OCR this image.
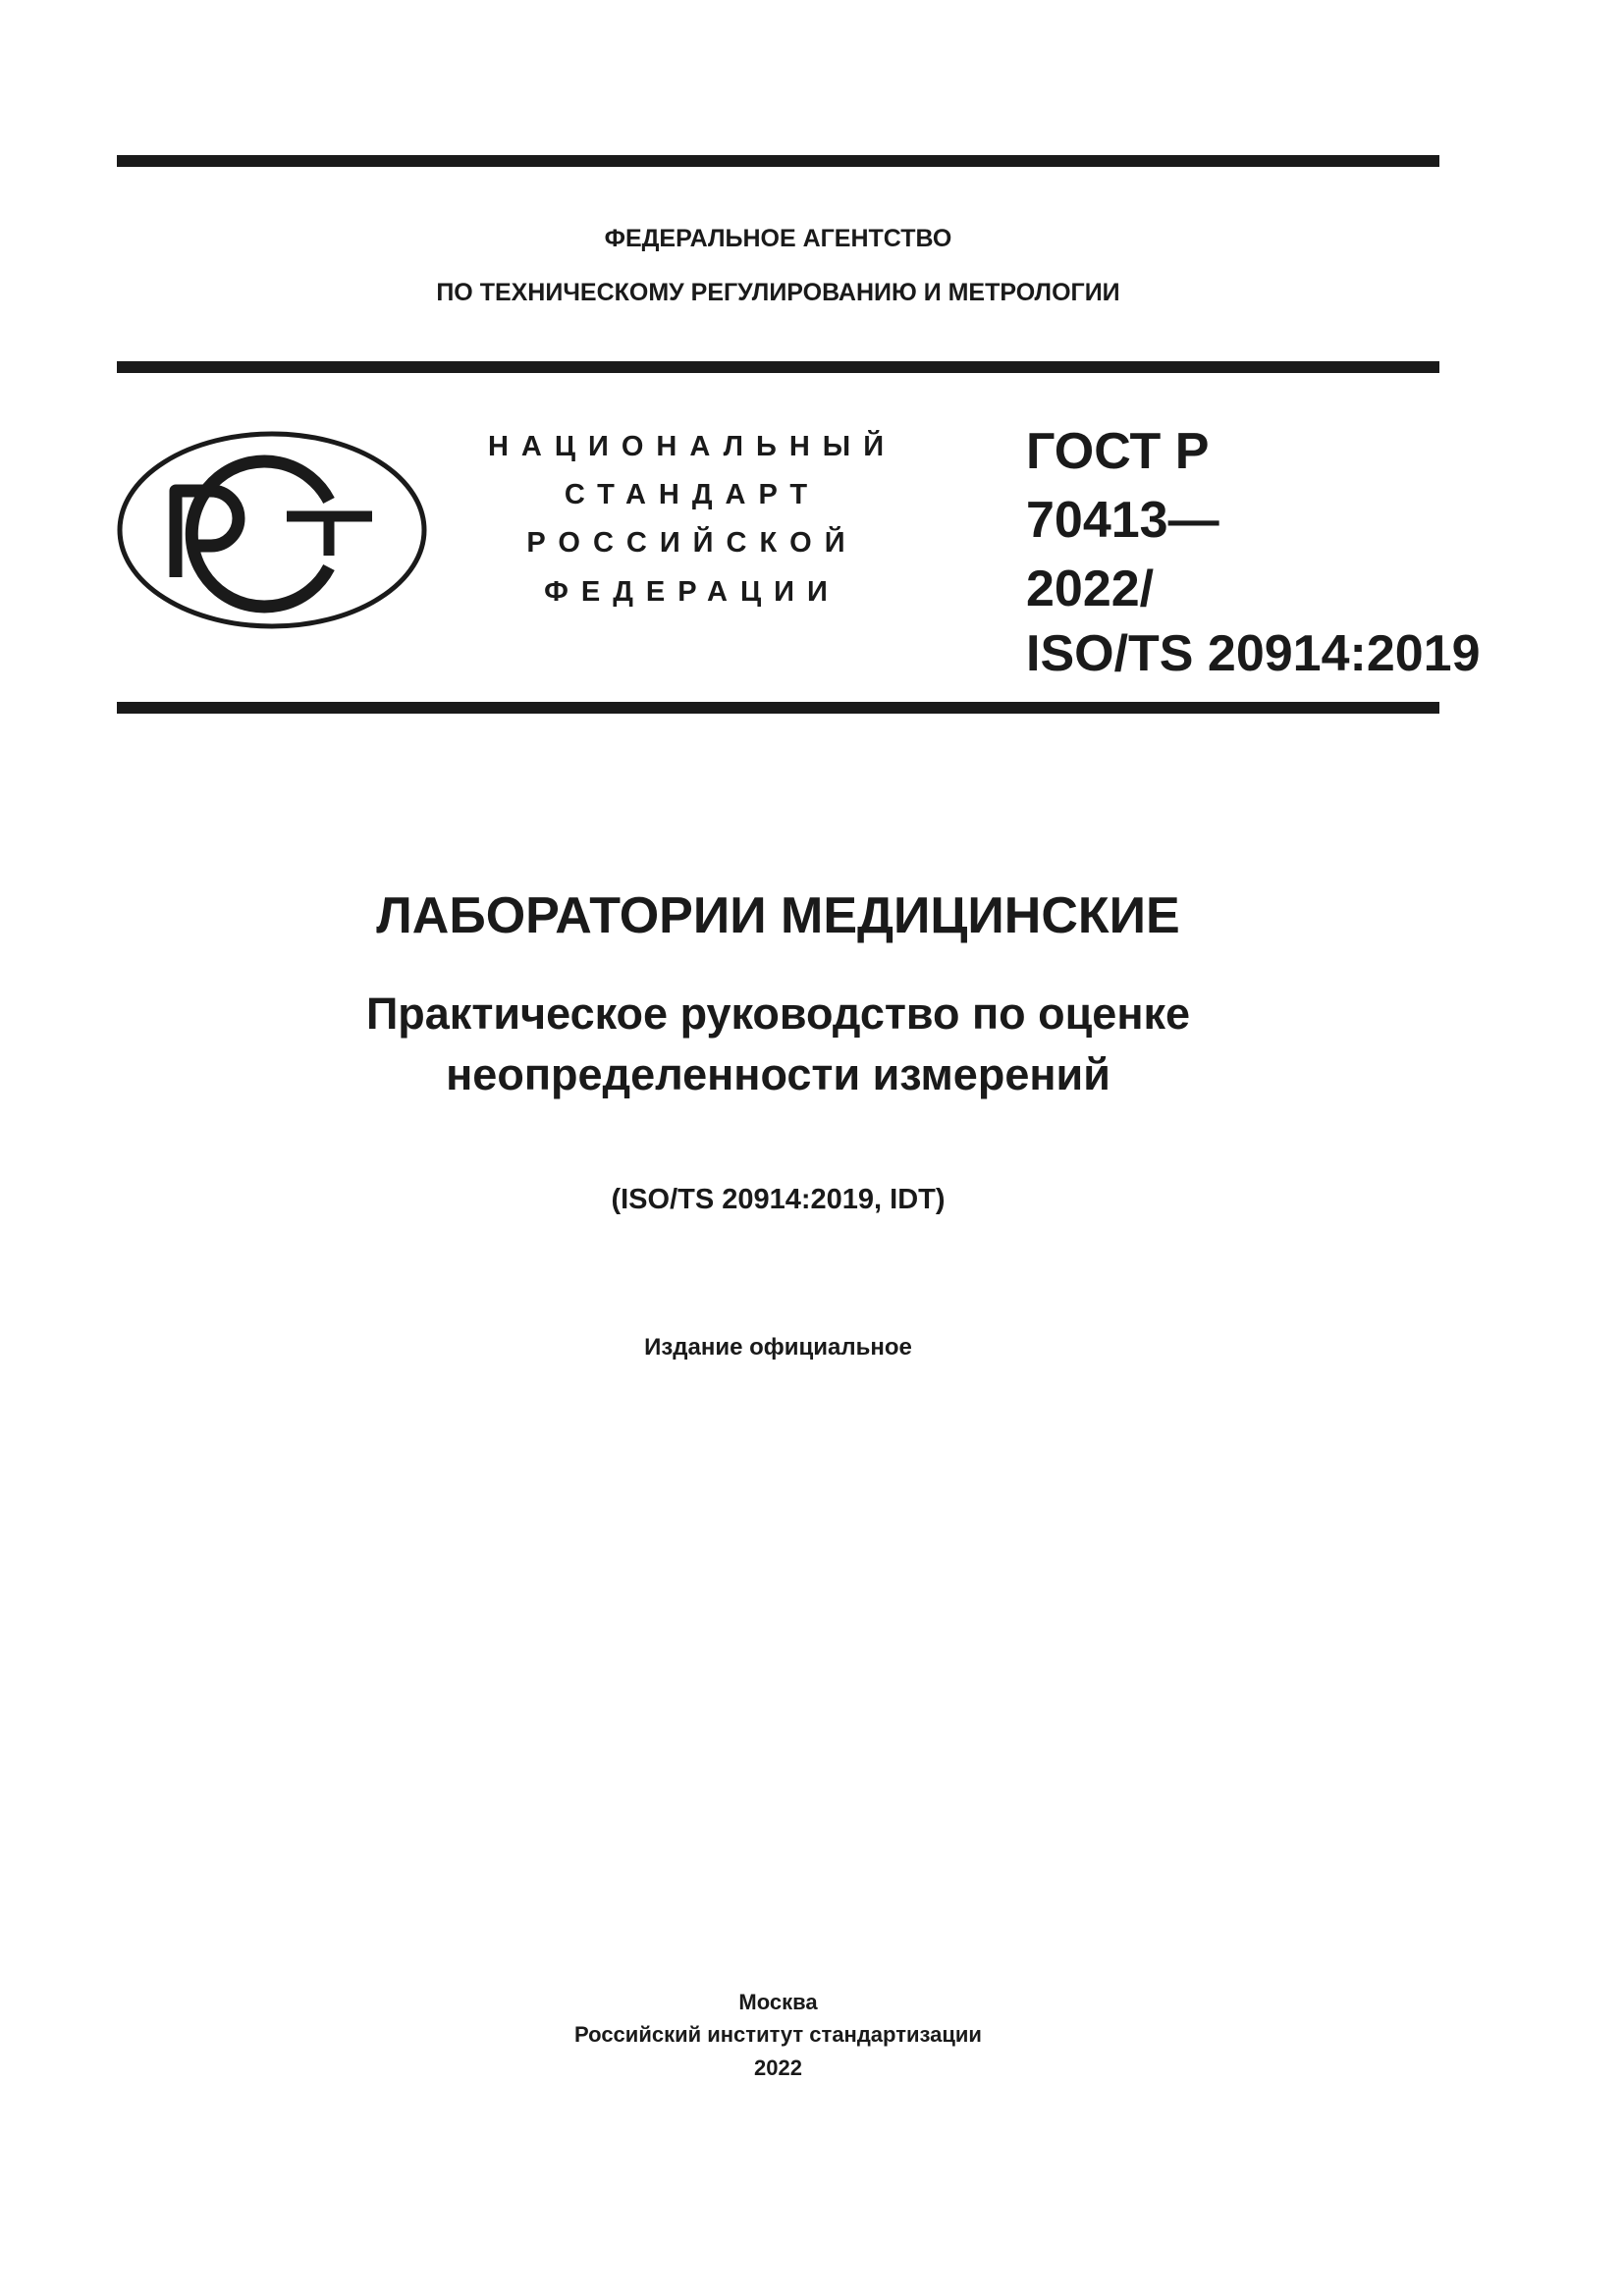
ФЕДЕРАЛЬНОЕ АГЕНТСТВО
ПО ТЕХНИЧЕСКОМУ РЕГУЛИРОВАНИЮ И МЕТРОЛОГИИ
НАЦИОНАЛЬНЫЙ
СТАНДАРТ
РОССИЙСКОЙ
ФЕДЕРАЦИИ
ГОСТ Р
70413—
2022/
ISO/TS 20914:2019
ЛАБОРАТОРИИ МЕДИЦИНСКИЕ
Практическое руководство по оценке
неопределенности измерений
(ISO/TS 20914:2019, IDT)
Издание официальное
Москва
Российский институт стандартизации
2022
